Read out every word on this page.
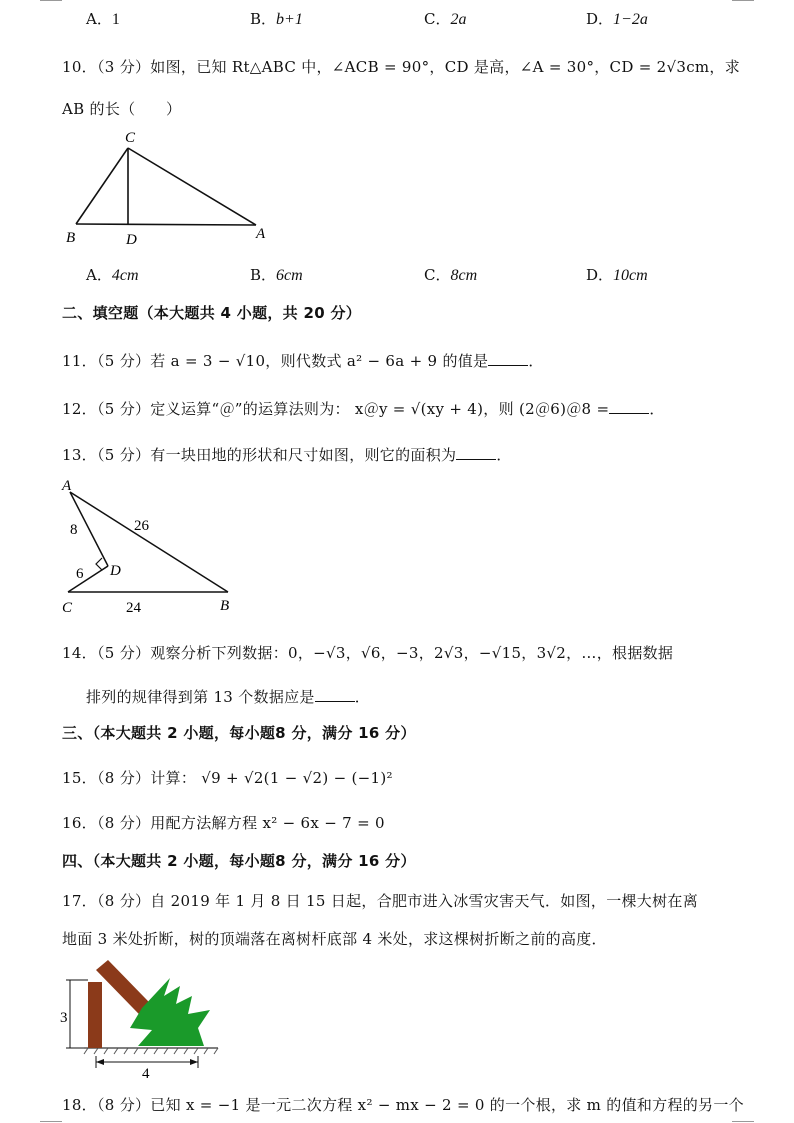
A．1	B．b+1	C．2a	D．1−2a
10．（3 分）如图，已知 Rt△ABC 中，∠ACB = 90°，CD 是高，∠A = 30°，CD = 2√3cm，求
AB 的长（　　）
C
B	D	A
A．4cm	B．6cm	C．8cm	D．10cm
二、填空题（本大题共 4 小题，共 20 分）
11．（5 分）若 a = 3 − √10，则代数式 a² − 6a + 9 的值是	．
12．（5 分）定义运算“＠”的运算法则为： x＠y = √(xy + 4)，则 (2＠6)＠8 =	．
13．（5 分）有一块田地的形状和尺寸如图，则它的面积为	．
A
8	26
6 D
C	24	B
14．（5 分）观察分析下列数据：0，−√3，√6，−3，2√3，−√15，3√2，…，根据数据
排列的规律得到第 13 个数据应是	．
三、（本大题共 2 小题，每小题8 分，满分 16 分）
15．（8 分）计算： √9 + √2(1 − √2) − (−1)²
16．（8 分）用配方法解方程 x² − 6x − 7 = 0
四、（本大题共 2 小题，每小题8 分，满分 16 分）
17．（8 分）自 2019 年 1 月 8 日 15 日起，合肥市进入冰雪灾害天气．如图，一棵大树在离
地面 3 米处折断，树的顶端落在离树杆底部 4 米处，求这棵树折断之前的高度．
3
4
18．（8 分）已知 x = −1 是一元二次方程 x² − mx − 2 = 0 的一个根，求 m 的值和方程的另一个
